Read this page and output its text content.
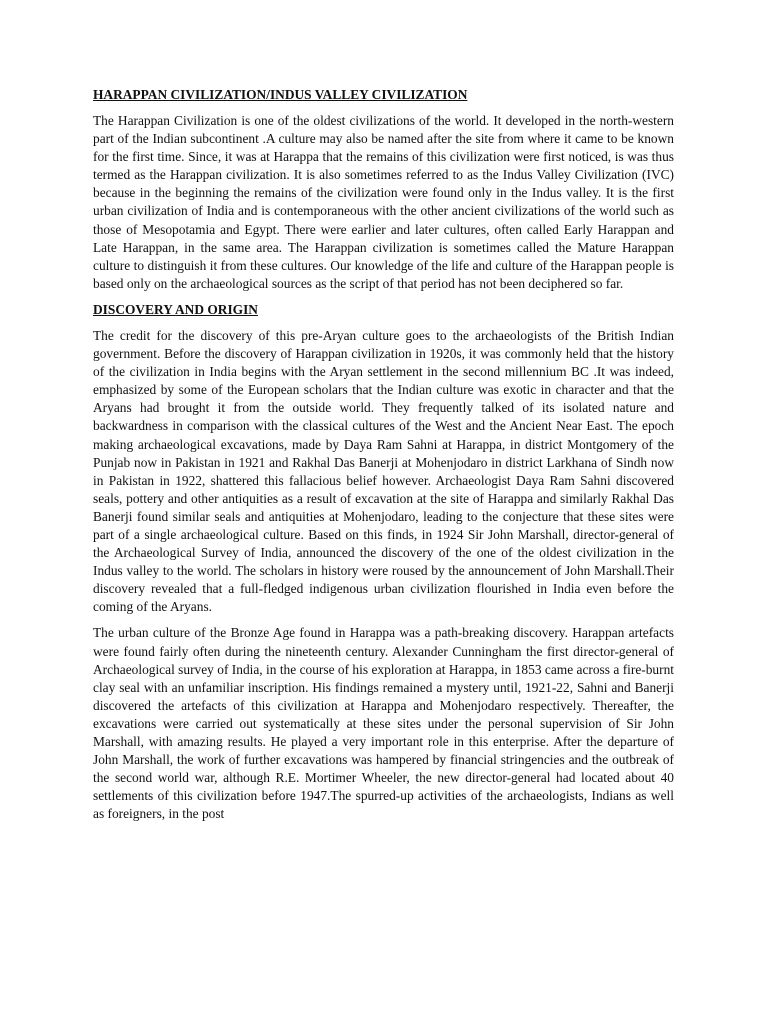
HARAPPAN CIVILIZATION/INDUS VALLEY CIVILIZATION
The Harappan Civilization is one of the oldest civilizations of the world. It developed in the north-western part of the Indian subcontinent .A culture may also be named after the site from where it came to be known for the first time. Since, it was at Harappa that the remains of this civilization were first noticed, is was thus termed as the Harappan civilization. It is also sometimes referred to as the Indus Valley Civilization (IVC) because in the beginning the remains of the civilization were found only in the Indus valley. It is the first urban civilization of India and is contemporaneous with the other ancient civilizations of the world such as those of Mesopotamia and Egypt. There were earlier and later cultures, often called Early Harappan and Late Harappan, in the same area. The Harappan civilization is sometimes called the Mature Harappan culture to distinguish it from these cultures. Our knowledge of the life and culture of the Harappan people is based only on the archaeological sources as the script of that period has not been deciphered so far.
DISCOVERY AND ORIGIN
The credit for the discovery of this pre-Aryan culture goes to the archaeologists of the British Indian government. Before the discovery of Harappan civilization in 1920s, it was commonly held that the history of the civilization in India begins with the Aryan settlement in the second millennium BC .It was indeed, emphasized by some of the European scholars that the Indian culture was exotic in character and that the Aryans had brought it from the outside world. They frequently talked of its isolated nature and backwardness in comparison with the classical cultures of the West and the Ancient Near East. The epoch making archaeological excavations, made by Daya Ram Sahni at Harappa, in district Montgomery of the Punjab now in Pakistan in 1921 and Rakhal Das Banerji at Mohenjodaro in district Larkhana of Sindh now in Pakistan in 1922, shattered this fallacious belief however. Archaeologist Daya Ram Sahni discovered seals, pottery and other antiquities as a result of excavation at the site of Harappa and similarly Rakhal Das Banerji found similar seals and antiquities at Mohenjodaro, leading to the conjecture that these sites were part of a single archaeological culture. Based on this finds, in 1924 Sir John Marshall, director-general of the Archaeological Survey of India, announced the discovery of the one of the oldest civilization in the Indus valley to the world. The scholars in history were roused by the announcement of John Marshall.Their discovery revealed that a full-fledged indigenous urban civilization flourished in India even before the coming of the Aryans.
The urban culture of the Bronze Age found in Harappa was a path-breaking discovery. Harappan artefacts were found fairly often during the nineteenth century. Alexander Cunningham the first director-general of Archaeological survey of India, in the course of his exploration at Harappa, in 1853 came across a fire-burnt clay seal with an unfamiliar inscription. His findings remained a mystery until, 1921-22, Sahni and Banerji discovered the artefacts of this civilization at Harappa and Mohenjodaro respectively. Thereafter, the excavations were carried out systematically at these sites under the personal supervision of Sir John Marshall, with amazing results. He played a very important role in this enterprise. After the departure of John Marshall, the work of further excavations was hampered by financial stringencies and the outbreak of the second world war, although R.E. Mortimer Wheeler, the new director-general had located about 40 settlements of this civilization before 1947.The spurred-up activities of the archaeologists, Indians as well as foreigners, in the post
